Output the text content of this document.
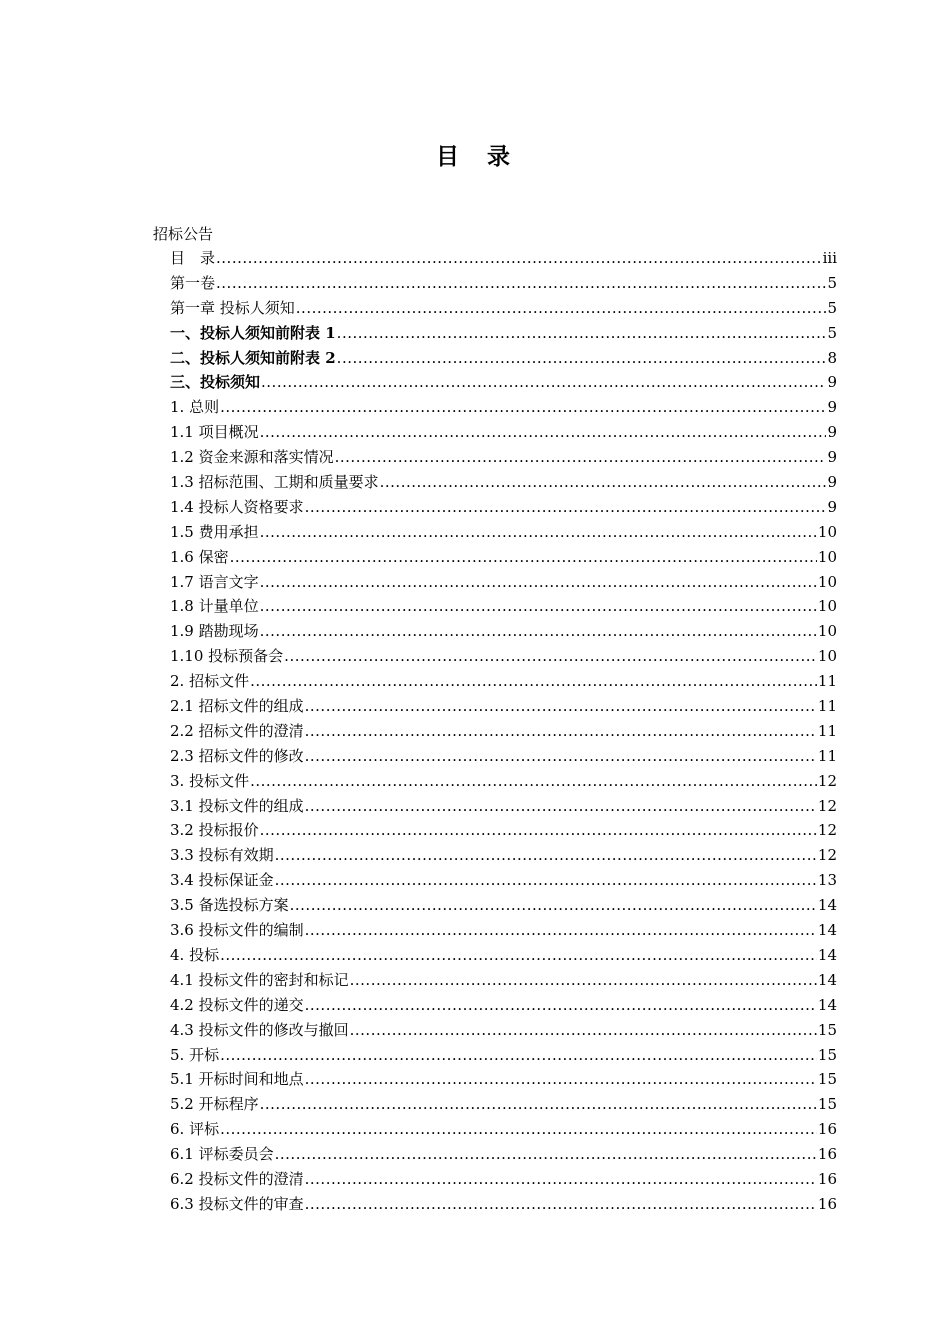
目录
招标公告
目　录 .....	iii
第一卷 .....	5
第一章 投标人须知 .....	5
一、投标人须知前附表 1 .....	5
二、投标人须知前附表 2 .....	8
三、投标须知 .....	9
1. 总则 .....	9
1.1 项目概况 .....	9
1.2 资金来源和落实情况 .....	9
1.3 招标范围、工期和质量要求 .....	9
1.4 投标人资格要求 .....	9
1.5 费用承担 .....	10
1.6 保密 .....	10
1.7 语言文字 .....	10
1.8 计量单位 .....	10
1.9 踏勘现场 .....	10
1.10 投标预备会 .....	10
2. 招标文件 .....	11
2.1 招标文件的组成 .....	11
2.2 招标文件的澄清 .....	11
2.3 招标文件的修改 .....	11
3. 投标文件 .....	12
3.1 投标文件的组成 .....	12
3.2 投标报价 .....	12
3.3 投标有效期 .....	12
3.4 投标保证金 .....	13
3.5 备选投标方案 .....	14
3.6 投标文件的编制 .....	14
4. 投标 .....	14
4.1 投标文件的密封和标记 .....	14
4.2 投标文件的递交 .....	14
4.3 投标文件的修改与撤回 .....	15
5. 开标 .....	15
5.1 开标时间和地点 .....	15
5.2 开标程序 .....	15
6. 评标 .....	16
6.1 评标委员会 .....	16
6.2 投标文件的澄清 .....	16
6.3 投标文件的审查 .....	16
